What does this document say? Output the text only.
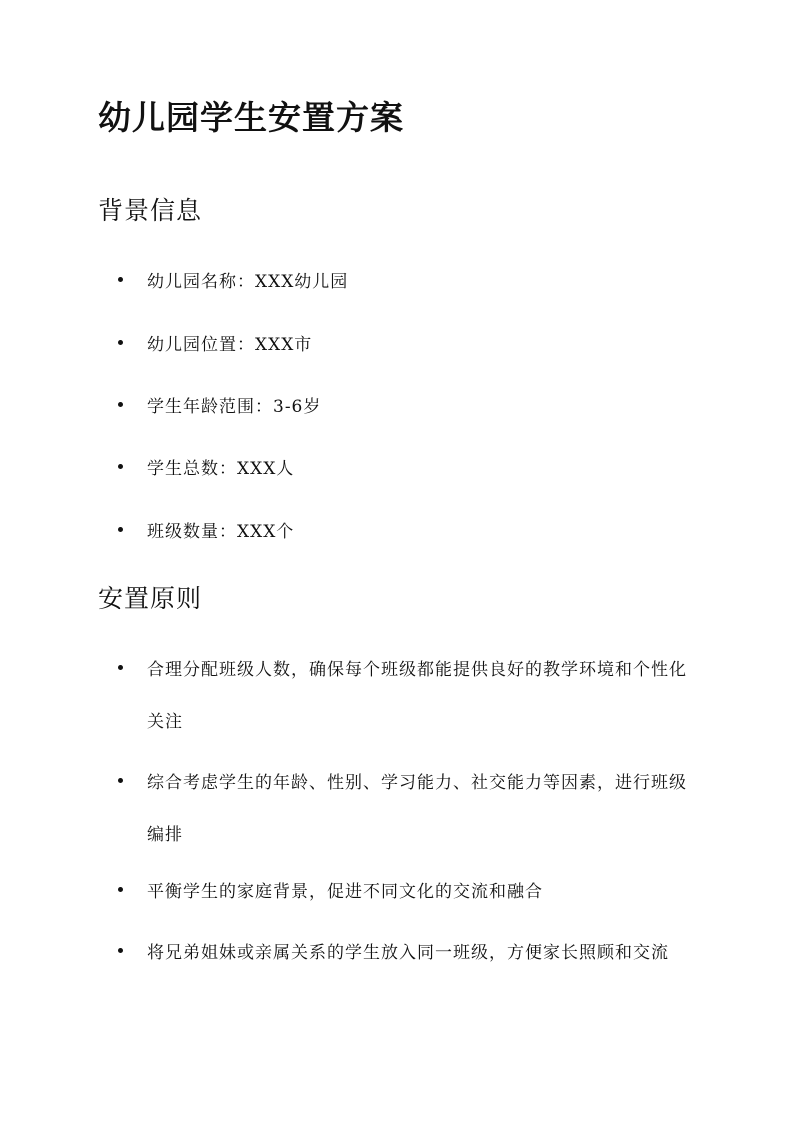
幼儿园学生安置方案
背景信息
幼儿园名称：XXX幼儿园
幼儿园位置：XXX市
学生年龄范围：3-6岁
学生总数：XXX人
班级数量：XXX个
安置原则
合理分配班级人数，确保每个班级都能提供良好的教学环境和个性化关注
综合考虑学生的年龄、性别、学习能力、社交能力等因素，进行班级编排
平衡学生的家庭背景，促进不同文化的交流和融合
将兄弟姐妹或亲属关系的学生放入同一班级，方便家长照顾和交流
